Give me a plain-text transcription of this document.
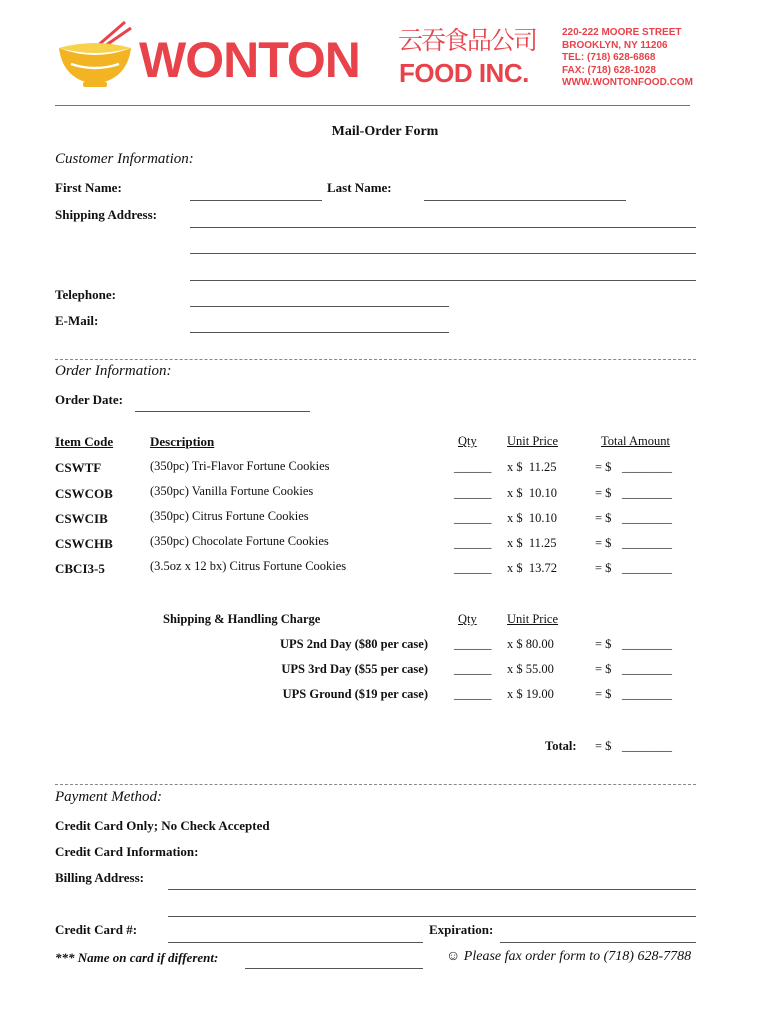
WONTON 云吞食品公司
FOOD INC.
220-222 MOORE STREET
BROOKLYN, NY 11206
TEL: (718) 628-6868
FAX: (718) 628-1028
WWW.WONTONFOOD.COM
Mail-Order Form
Customer Information:
First Name:	Last Name:
Shipping Address:
Telephone:
E-Mail:
Order Information:
Order Date:
Item Code	Description	Qty Unit Price	Total Amount
CSWTF	(350pc) Tri-Flavor Fortune Cookies	______ x $  11.25	= $ ________
CSWCOB	(350pc) Vanilla Fortune Cookies	______ x $  10.10	= $ ________
CSWCIB	(350pc) Citrus Fortune Cookies	______ x $  10.10	= $ ________
CSWCHB	(350pc) Chocolate Fortune Cookies	______ x $  11.25	= $ ________
CBCI3-5	(3.5oz x 12 bx) Citrus Fortune Cookies	______ x $  13.72	= $ ________
Shipping & Handling Charge	Qty Unit Price
UPS 2nd Day ($80 per case) ______ x $ 80.00	= $ ________
UPS 3rd Day ($55 per case) ______ x $ 55.00	= $ ________
UPS Ground ($19 per case) ______ x $ 19.00	= $ ________
Total: = $ ________
Payment Method:
Credit Card Only; No Check Accepted
Credit Card Information:
Billing Address:
Credit Card #:	Expiration:
*** Name on card if different:	☺ Please fax order form to (718) 628-7788
